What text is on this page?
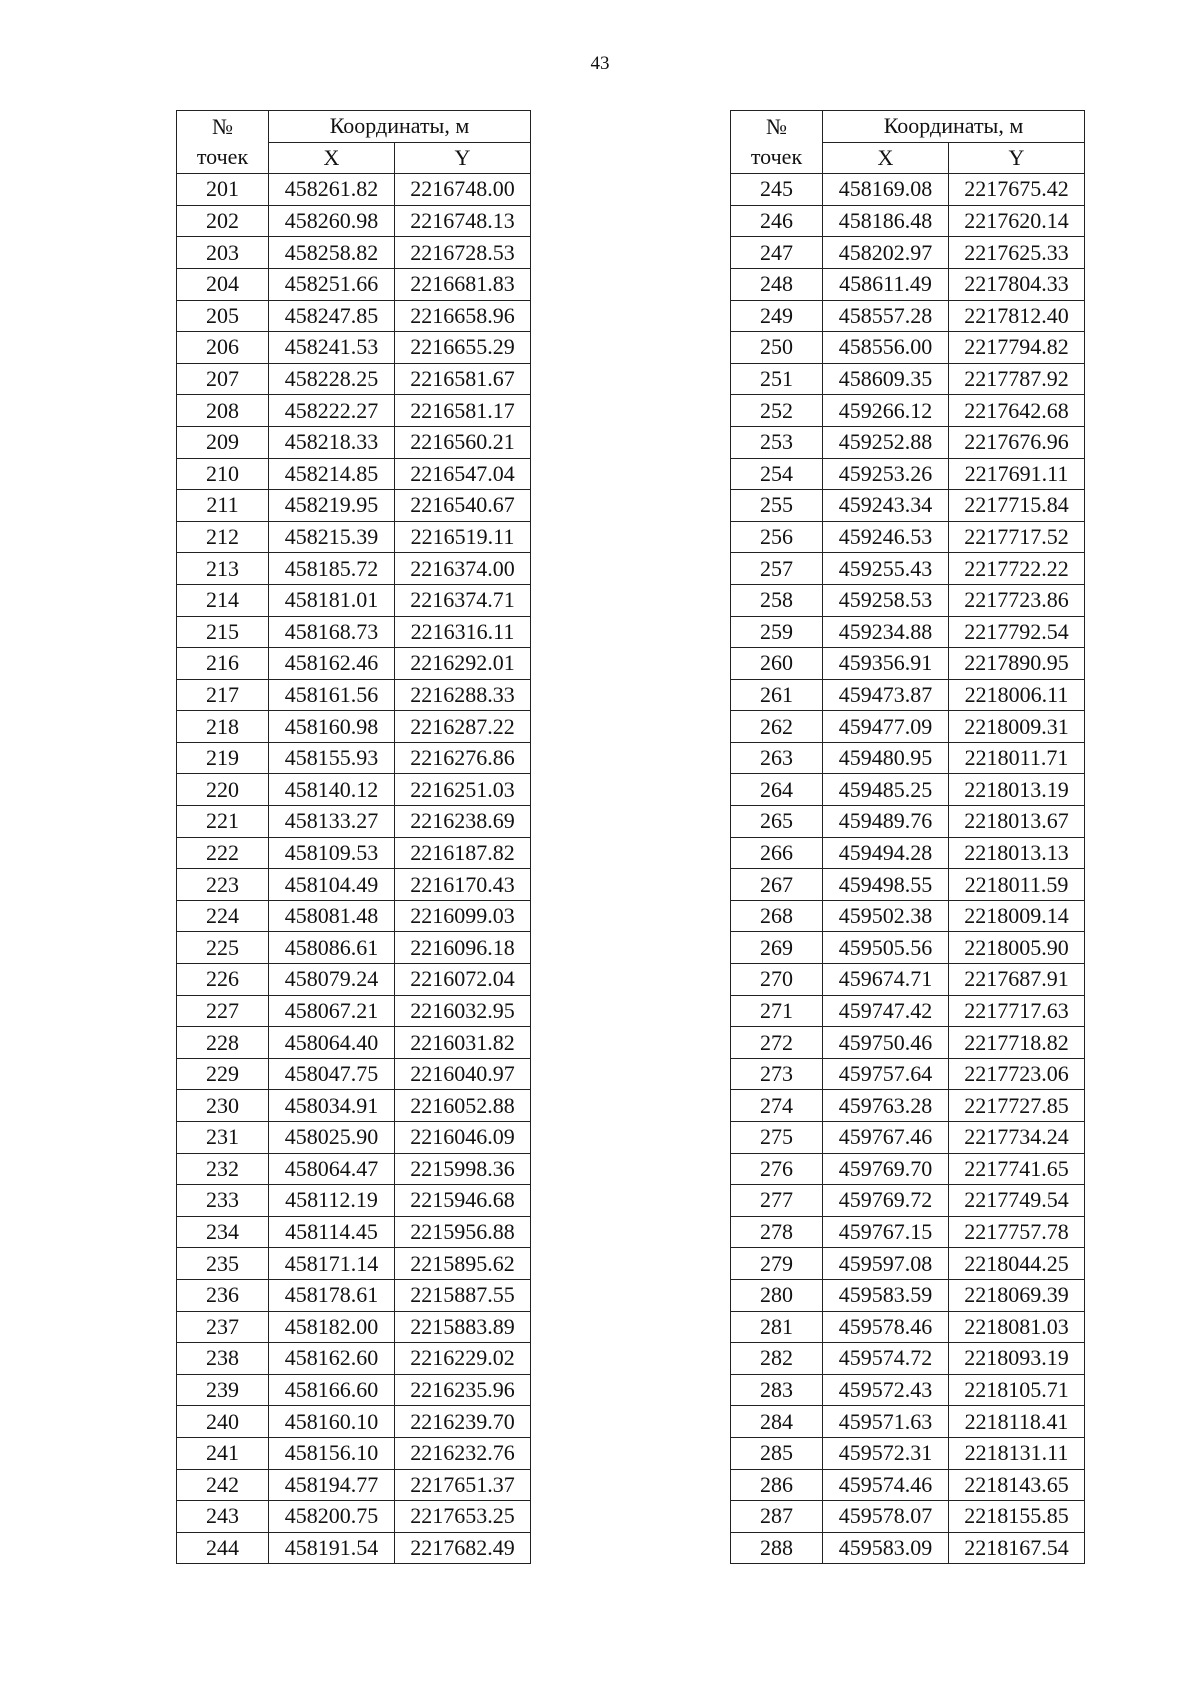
43
№
точек	Координаты, м	
	X	Y
201	458261.82	2216748.00
202	458260.98	2216748.13
203	458258.82	2216728.53
204	458251.66	2216681.83
205	458247.85	2216658.96
206	458241.53	2216655.29
207	458228.25	2216581.67
208	458222.27	2216581.17
209	458218.33	2216560.21
210	458214.85	2216547.04
211	458219.95	2216540.67
212	458215.39	2216519.11
213	458185.72	2216374.00
214	458181.01	2216374.71
215	458168.73	2216316.11
216	458162.46	2216292.01
217	458161.56	2216288.33
218	458160.98	2216287.22
219	458155.93	2216276.86
220	458140.12	2216251.03
221	458133.27	2216238.69
222	458109.53	2216187.82
223	458104.49	2216170.43
224	458081.48	2216099.03
225	458086.61	2216096.18
226	458079.24	2216072.04
227	458067.21	2216032.95
228	458064.40	2216031.82
229	458047.75	2216040.97
230	458034.91	2216052.88
231	458025.90	2216046.09
232	458064.47	2215998.36
233	458112.19	2215946.68
234	458114.45	2215956.88
235	458171.14	2215895.62
236	458178.61	2215887.55
237	458182.00	2215883.89
238	458162.60	2216229.02
239	458166.60	2216235.96
240	458160.10	2216239.70
241	458156.10	2216232.76
242	458194.77	2217651.37
243	458200.75	2217653.25
244	458191.54	2217682.49
№
точек	Координаты, м	
	X	Y
245	458169.08	2217675.42
246	458186.48	2217620.14
247	458202.97	2217625.33
248	458611.49	2217804.33
249	458557.28	2217812.40
250	458556.00	2217794.82
251	458609.35	2217787.92
252	459266.12	2217642.68
253	459252.88	2217676.96
254	459253.26	2217691.11
255	459243.34	2217715.84
256	459246.53	2217717.52
257	459255.43	2217722.22
258	459258.53	2217723.86
259	459234.88	2217792.54
260	459356.91	2217890.95
261	459473.87	2218006.11
262	459477.09	2218009.31
263	459480.95	2218011.71
264	459485.25	2218013.19
265	459489.76	2218013.67
266	459494.28	2218013.13
267	459498.55	2218011.59
268	459502.38	2218009.14
269	459505.56	2218005.90
270	459674.71	2217687.91
271	459747.42	2217717.63
272	459750.46	2217718.82
273	459757.64	2217723.06
274	459763.28	2217727.85
275	459767.46	2217734.24
276	459769.70	2217741.65
277	459769.72	2217749.54
278	459767.15	2217757.78
279	459597.08	2218044.25
280	459583.59	2218069.39
281	459578.46	2218081.03
282	459574.72	2218093.19
283	459572.43	2218105.71
284	459571.63	2218118.41
285	459572.31	2218131.11
286	459574.46	2218143.65
287	459578.07	2218155.85
288	459583.09	2218167.54
